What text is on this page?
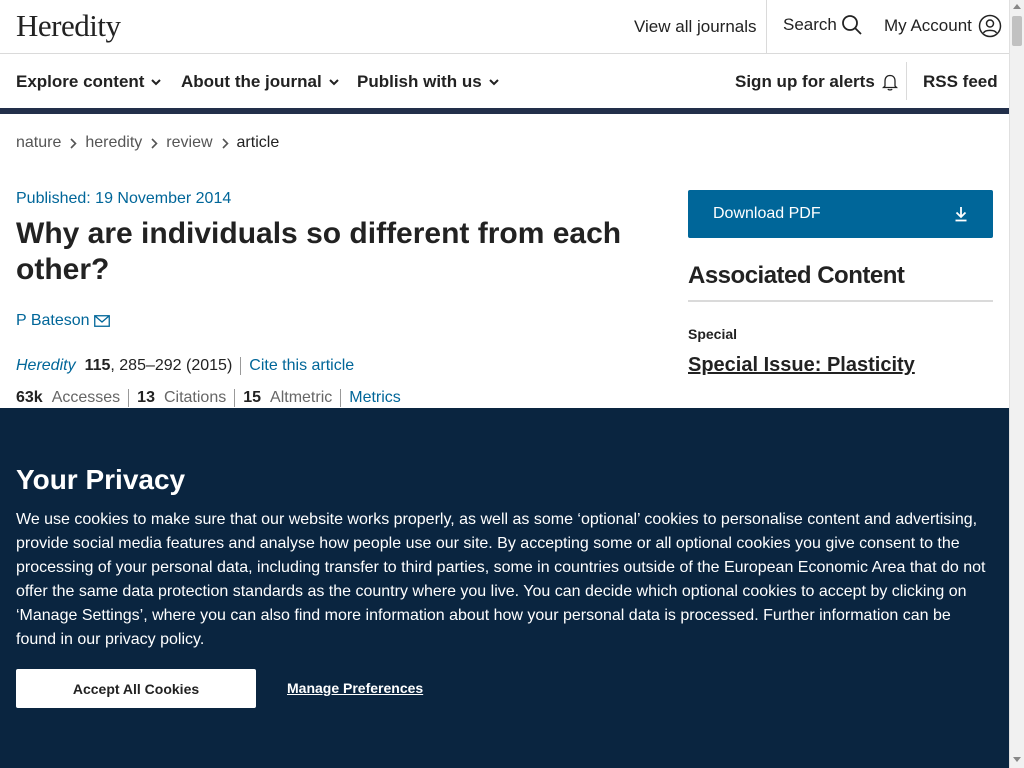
Heredity	View all journals Search	My Account
Explore content About the journal Publish with us	Sign up for alerts	RSS feed
nature heredity review article
Published: 19 November 2014
Why are individuals so different from each other?
P Bateson
Heredity 115 , 285–292 (2015)	Cite this article
63k Accesses 13 Citations 15 Altmetric Metrics
Download PDF
Associated Content
Special
Special Issue: Plasticity
Your Privacy

We use cookies to make sure that our website works properly, as well as some ‘optional’ cookies to personalise content and advertising, provide social media features and analyse how people use our site. By accepting some or all optional cookies you give consent to the processing of your personal data, including transfer to third parties, some in countries outside of the European Economic Area that do not offer the same data protection standards as the country where you live. You can decide which optional cookies to accept by clicking on ‘Manage Settings’, where you can also find more information about how your personal data is processed. Further information can be found in our privacy policy.

Accept All Cookies	Manage Preferences
